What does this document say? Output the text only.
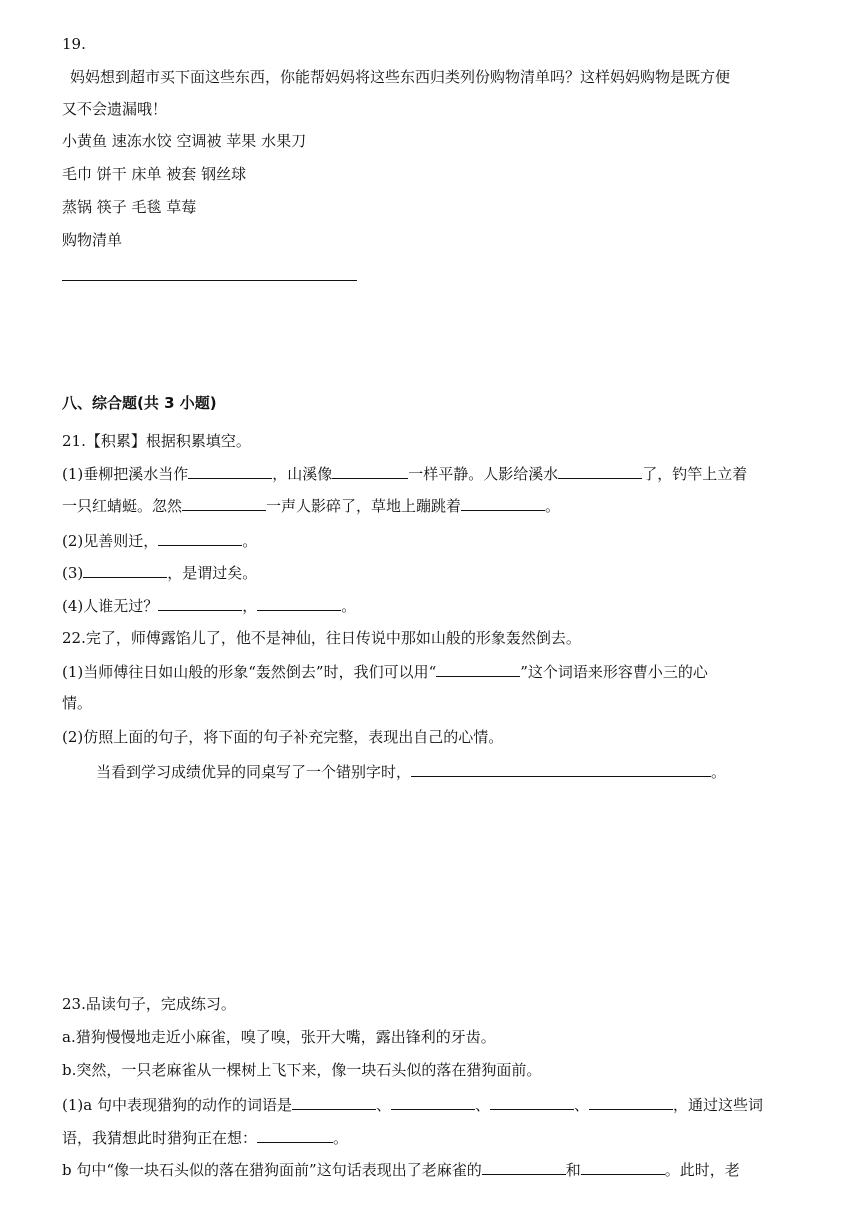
19.
妈妈想到超市买下面这些东西，你能帮妈妈将这些东西归类列份购物清单吗？这样妈妈购物是既方便
又不会遗漏哦！
小黄鱼 速冻水饺 空调被 苹果 水果刀
毛巾 饼干 床单 被套 钢丝球
蒸锅 筷子 毛毯 草莓
购物清单
八、综合题(共 3 小题)
21.【积累】根据积累填空。
(1)垂柳把溪水当作	，山溪像	一样平静。人影给溪水	了，钓竿上立着
一只红蜻蜓。忽然	一声人影碎了，草地上蹦跳着	。
(2)见善则迁，	。
(3)	，是谓过矣。
(4)人谁无过？	，	。
22.完了，师傅露馅儿了，他不是神仙，往日传说中那如山般的形象轰然倒去。
(1)当师傅往日如山般的形象“轰然倒去”时，我们可以用“	”这个词语来形容曹小三的心
情。
(2)仿照上面的句子，将下面的句子补充完整，表现出自己的心情。
当看到学习成绩优异的同桌写了一个错别字时，	。
23.品读句子，完成练习。
a.猎狗慢慢地走近小麻雀，嗅了嗅，张开大嘴，露出锋利的牙齿。
b.突然，一只老麻雀从一棵树上飞下来，像一块石头似的落在猎狗面前。
(1)a 句中表现猎狗的动作的词语是	、	、	、	，通过这些词
语，我猜想此时猎狗正在想：	。
b 句中“像一块石头似的落在猎狗面前”这句话表现出了老麻雀的	和	。此时，老
